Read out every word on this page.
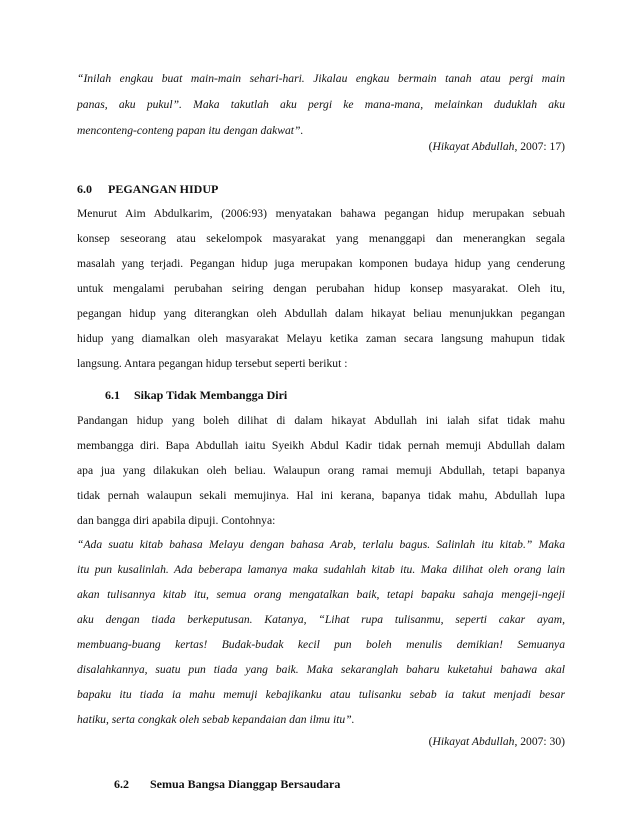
“Inilah engkau buat main-main sehari-hari. Jikalau engkau bermain tanah atau pergi main
panas, aku pukul”. Maka takutlah aku pergi ke mana-mana, melainkan duduklah aku
menconteng-conteng papan itu dengan dakwat”.
(Hikayat Abdullah, 2007: 17)
6.0 PEGANGAN HIDUP
Menurut Aim Abdulkarim, (2006:93) menyatakan bahawa pegangan hidup merupakan sebuah
konsep seseorang atau sekelompok masyarakat yang menanggapi dan menerangkan segala
masalah yang terjadi. Pegangan hidup juga merupakan komponen budaya hidup yang cenderung
untuk mengalami perubahan seiring dengan perubahan hidup konsep masyarakat. Oleh itu,
pegangan hidup yang diterangkan oleh Abdullah dalam hikayat beliau menunjukkan pegangan
hidup yang diamalkan oleh masyarakat Melayu ketika zaman secara langsung mahupun tidak
langsung. Antara pegangan hidup tersebut seperti berikut :
6.1 Sikap Tidak Membangga Diri
Pandangan hidup yang boleh dilihat di dalam hikayat Abdullah ini ialah sifat tidak mahu
membangga diri. Bapa Abdullah iaitu Syeikh Abdul Kadir tidak pernah memuji Abdullah dalam
apa jua yang dilakukan oleh beliau. Walaupun orang ramai memuji Abdullah, tetapi bapanya
tidak pernah walaupun sekali memujinya. Hal ini kerana, bapanya tidak mahu, Abdullah lupa
dan bangga diri apabila dipuji. Contohnya:
“Ada suatu kitab bahasa Melayu dengan bahasa Arab, terlalu bagus. Salinlah itu kitab.” Maka
itu pun kusalinlah. Ada beberapa lamanya maka sudahlah kitab itu. Maka dilihat oleh orang lain
akan tulisannya kitab itu, semua orang mengatalkan baik, tetapi bapaku sahaja mengeji-ngeji
aku dengan tiada berkeputusan. Katanya, “Lihat rupa tulisanmu, seperti cakar ayam,
membuang-buang kertas! Budak-budak kecil pun boleh menulis demikian! Semuanya
disalahkannya, suatu pun tiada yang baik. Maka sekaranglah baharu kuketahui bahawa akal
bapaku itu tiada ia mahu memuji kebajikanku atau tulisanku sebab ia takut menjadi besar
hatiku, serta congkak oleh sebab kepandaian dan ilmu itu”.
(Hikayat Abdullah, 2007: 30)
6.2 Semua Bangsa Dianggap Bersaudara
